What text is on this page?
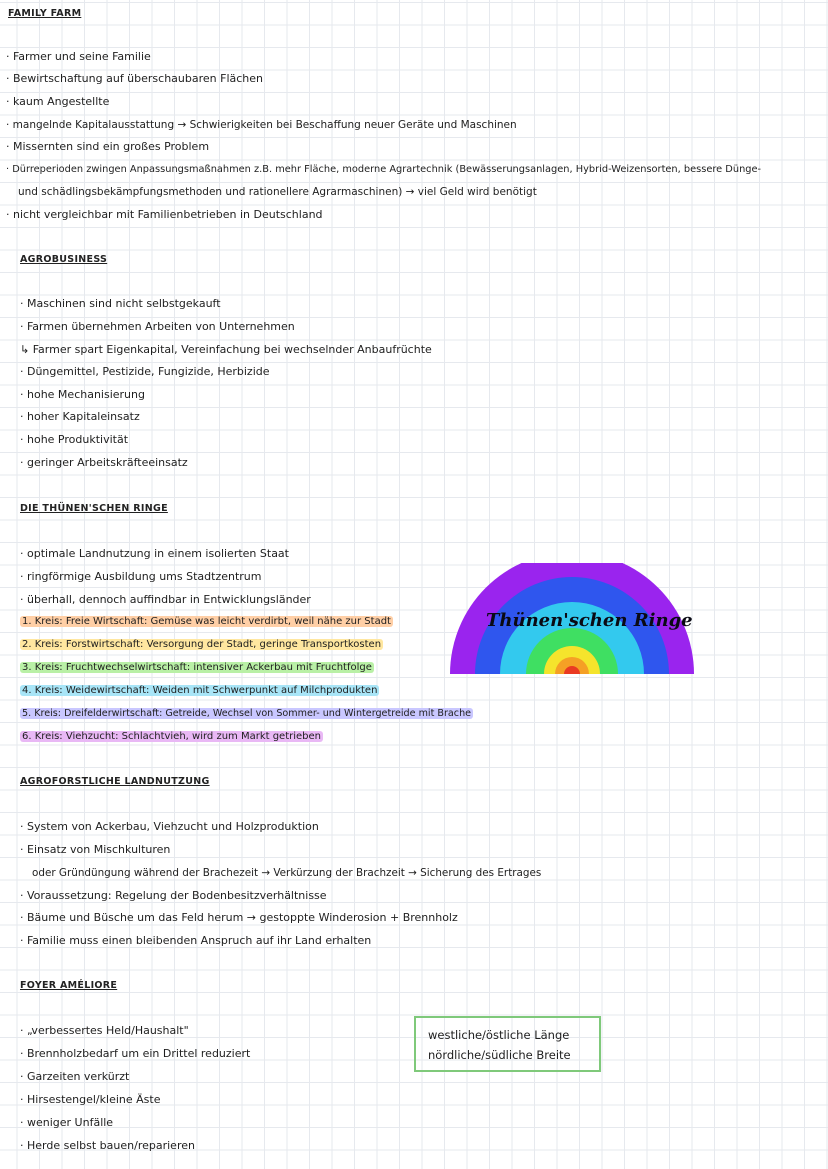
FAMILY FARM
· Farmer und seine Familie
· Bewirtschaftung auf überschaubaren Flächen
· kaum Angestellte
· mangelnde Kapitalausstattung → Schwierigkeiten bei Beschaffung neuer Geräte und Maschinen
· Missernten sind ein großes Problem
· Dürreperioden zwingen Anpassungsmaßnahmen z.B. mehr Fläche, moderne Agrartechnik (Bewässerungsanlagen, Hybrid-Weizensorten, bessere Dünge-
und schädlingsbekämpfungsmethoden und rationellere Agrarmaschinen) → viel Geld wird benötigt
· nicht vergleichbar mit Familienbetrieben in Deutschland
AGROBUSINESS
· Maschinen sind nicht selbstgekauft
· Farmen übernehmen Arbeiten von Unternehmen
↳ Farmer spart Eigenkapital, Vereinfachung bei wechselnder Anbaufrüchte
· Düngemittel, Pestizide, Fungizide, Herbizide
· hohe Mechanisierung
· hoher Kapitaleinsatz
· hohe Produktivität
· geringer Arbeitskräfteeinsatz
DIE THÜNEN'SCHEN RINGE
· optimale Landnutzung in einem isolierten Staat
· ringförmige Ausbildung ums Stadtzentrum
· überhall, dennoch auffindbar in Entwicklungsländer
1. Kreis: Freie Wirtschaft: Gemüse was leicht verdirbt, weil nähe zur Stadt
2. Kreis: Forstwirtschaft: Versorgung der Stadt, geringe Transportkosten
3. Kreis: Fruchtwechselwirtschaft: intensiver Ackerbau mit Fruchtfolge
4. Kreis: Weidewirtschaft: Weiden mit Schwerpunkt auf Milchprodukten
5. Kreis: Dreifelderwirtschaft: Getreide, Wechsel von Sommer- und Wintergetreide mit Brache
6. Kreis: Viehzucht: Schlachtvieh, wird zum Markt getrieben
Thünen'schen Ringe
AGROFORSTLICHE LANDNUTZUNG
· System von Ackerbau, Viehzucht und Holzproduktion
· Einsatz von Mischkulturen
oder Gründüngung während der Brachezeit → Verkürzung der Brachzeit → Sicherung des Ertrages
· Voraussetzung: Regelung der Bodenbesitzverhältnisse
· Bäume und Büsche um das Feld herum → gestoppte Winderosion + Brennholz
· Familie muss einen bleibenden Anspruch auf ihr Land erhalten
FOYER AMÉLIORE
· „verbessertes Held/Haushalt"
· Brennholzbedarf um ein Drittel reduziert
· Garzeiten verkürzt
· Hirsestengel/kleine Äste
· weniger Unfälle
· Herde selbst bauen/reparieren
westliche/östliche Länge
nördliche/südliche Breite
